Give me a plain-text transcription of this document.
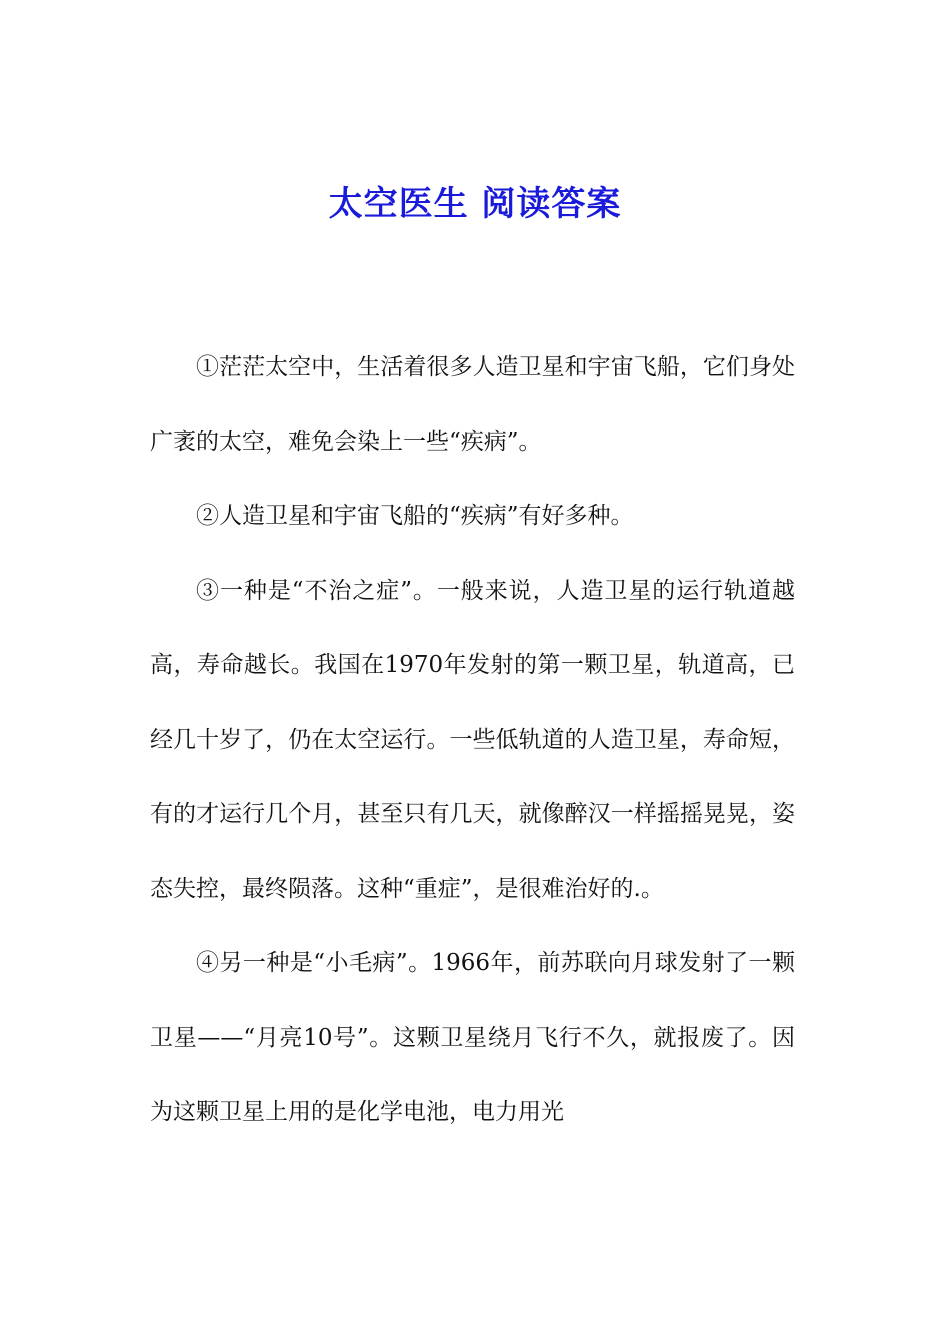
太空医生 阅读答案

①茫茫太空中，生活着很多人造卫星和宇宙飞船，它们身处广袤的太空，难免会染上一些“疾病”。

②人造卫星和宇宙飞船的“疾病”有好多种。

③一种是“不治之症”。一般来说，人造卫星的运行轨道越高，寿命越长。我国在1970年发射的第一颗卫星，轨道高，已经几十岁了，仍在太空运行。一些低轨道的人造卫星，寿命短，有的才运行几个月，甚至只有几天，就像醉汉一样摇摇晃晃，姿态失控，最终陨落。这种“重症”，是很难治好的.。

④另一种是“小毛病”。1966年，前苏联向月球发射了一颗卫星——“月亮10号”。这颗卫星绕月飞行不久，就报废了。因为这颗卫星上用的是化学电池，电力用光
